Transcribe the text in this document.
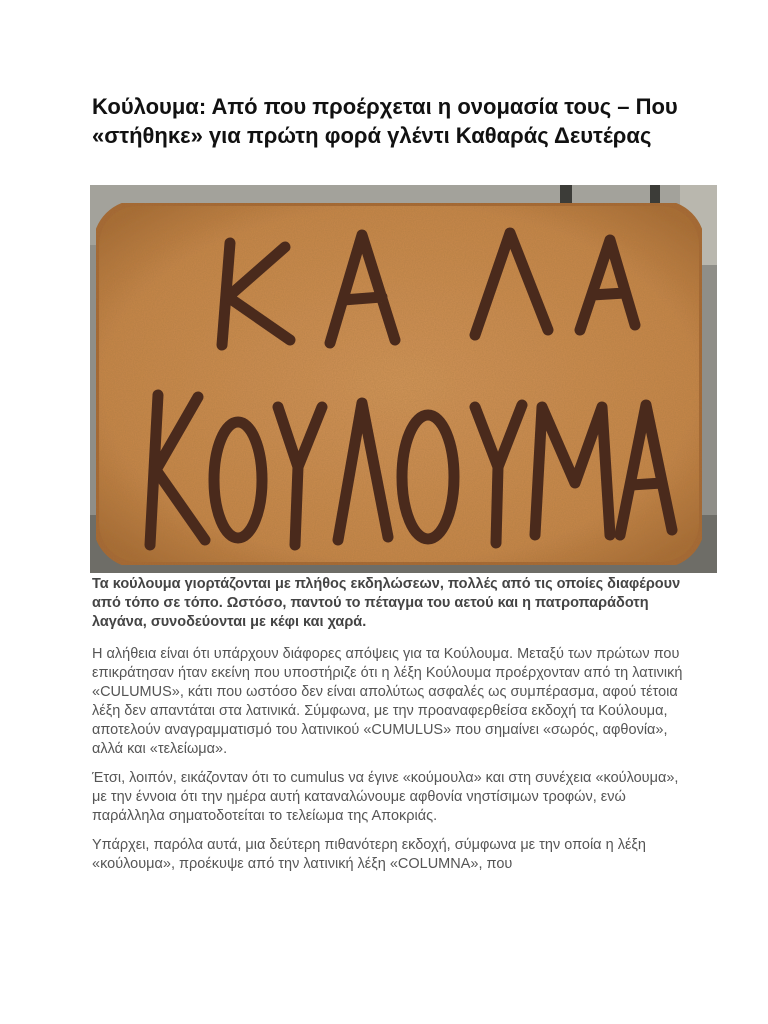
Κούλουμα: Από που προέρχεται η ονομασία τους – Που «στήθηκε» για πρώτη φορά γλέντι Καθαράς Δευτέρας

Τα κούλουμα γιορτάζονται με πλήθος εκδηλώσεων, πολλές από τις οποίες διαφέρουν από τόπο σε τόπο. Ωστόσο, παντού το πέταγμα του αετού και η πατροπαράδοτη λαγάνα, συνοδεύονται με κέφι και χαρά.

Η αλήθεια είναι ότι υπάρχουν διάφορες απόψεις για τα Κούλουμα. Μεταξύ των πρώτων που επικράτησαν ήταν εκείνη που υποστήριζε ότι η λέξη Κούλουμα προέρχονταν από τη λατινική «CULUMUS», κάτι που ωστόσο δεν είναι απολύτως ασφαλές ως συμπέρασμα, αφού τέτοια λέξη δεν απαντάται στα λατινικά. Σύμφωνα, με την προαναφερθείσα εκδοχή τα Κούλουμα, αποτελούν αναγραμματισμό του λατινικού «CUMULUS» που σημαίνει «σωρός, αφθονία», αλλά και «τελείωμα».

Έτσι, λοιπόν, εικάζονταν ότι το cumulus να έγινε «κούμουλα» και στη συνέχεια «κούλουμα», με την έννοια ότι την ημέρα αυτή καταναλώνουμε αφθονία νηστίσιμων τροφών, ενώ παράλληλα σηματοδοτείται το τελείωμα της Αποκριάς.

Υπάρχει, παρόλα αυτά, μια δεύτερη πιθανότερη εκδοχή, σύμφωνα με την οποία η λέξη «κούλουμα», προέκυψε από την λατινική λέξη «COLUMNA», που
